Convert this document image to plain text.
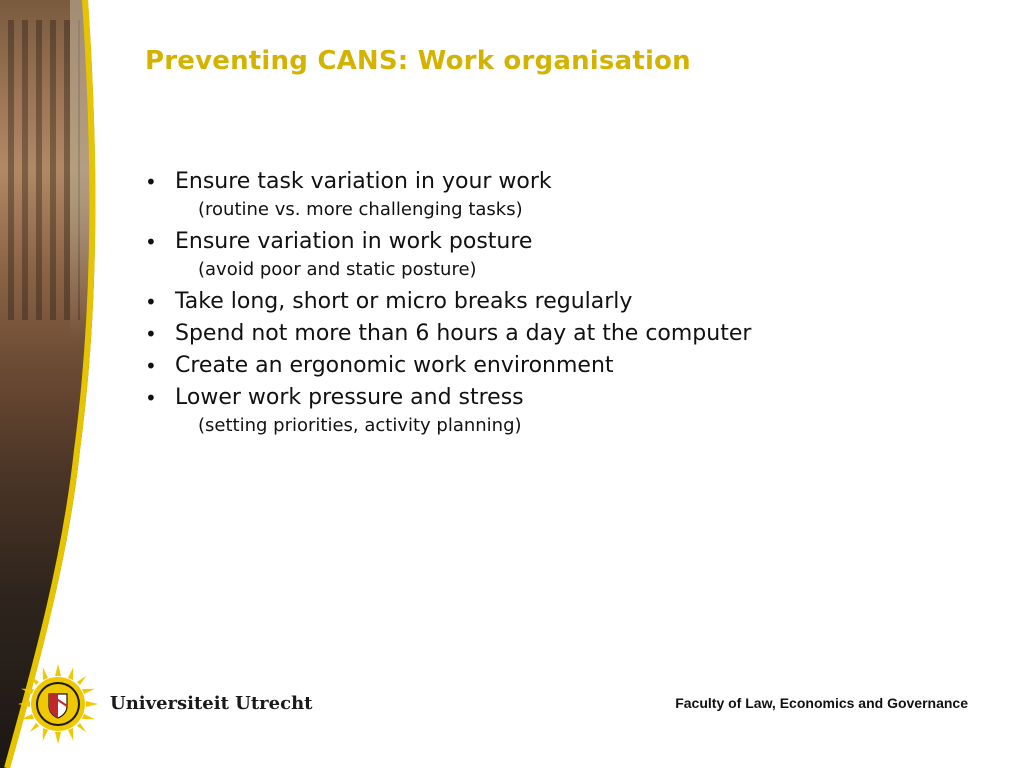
Preventing CANS: Work organisation
• Ensure task variation in your work
(routine vs. more challenging tasks)
• Ensure variation in work posture
(avoid poor and static posture)
• Take long, short or micro breaks regularly
• Spend not more than 6 hours a day at the computer
• Create an ergonomic work environment
• Lower work pressure and stress
(setting priorities, activity planning)
Universiteit Utrecht	Faculty of Law, Economics and Governance
